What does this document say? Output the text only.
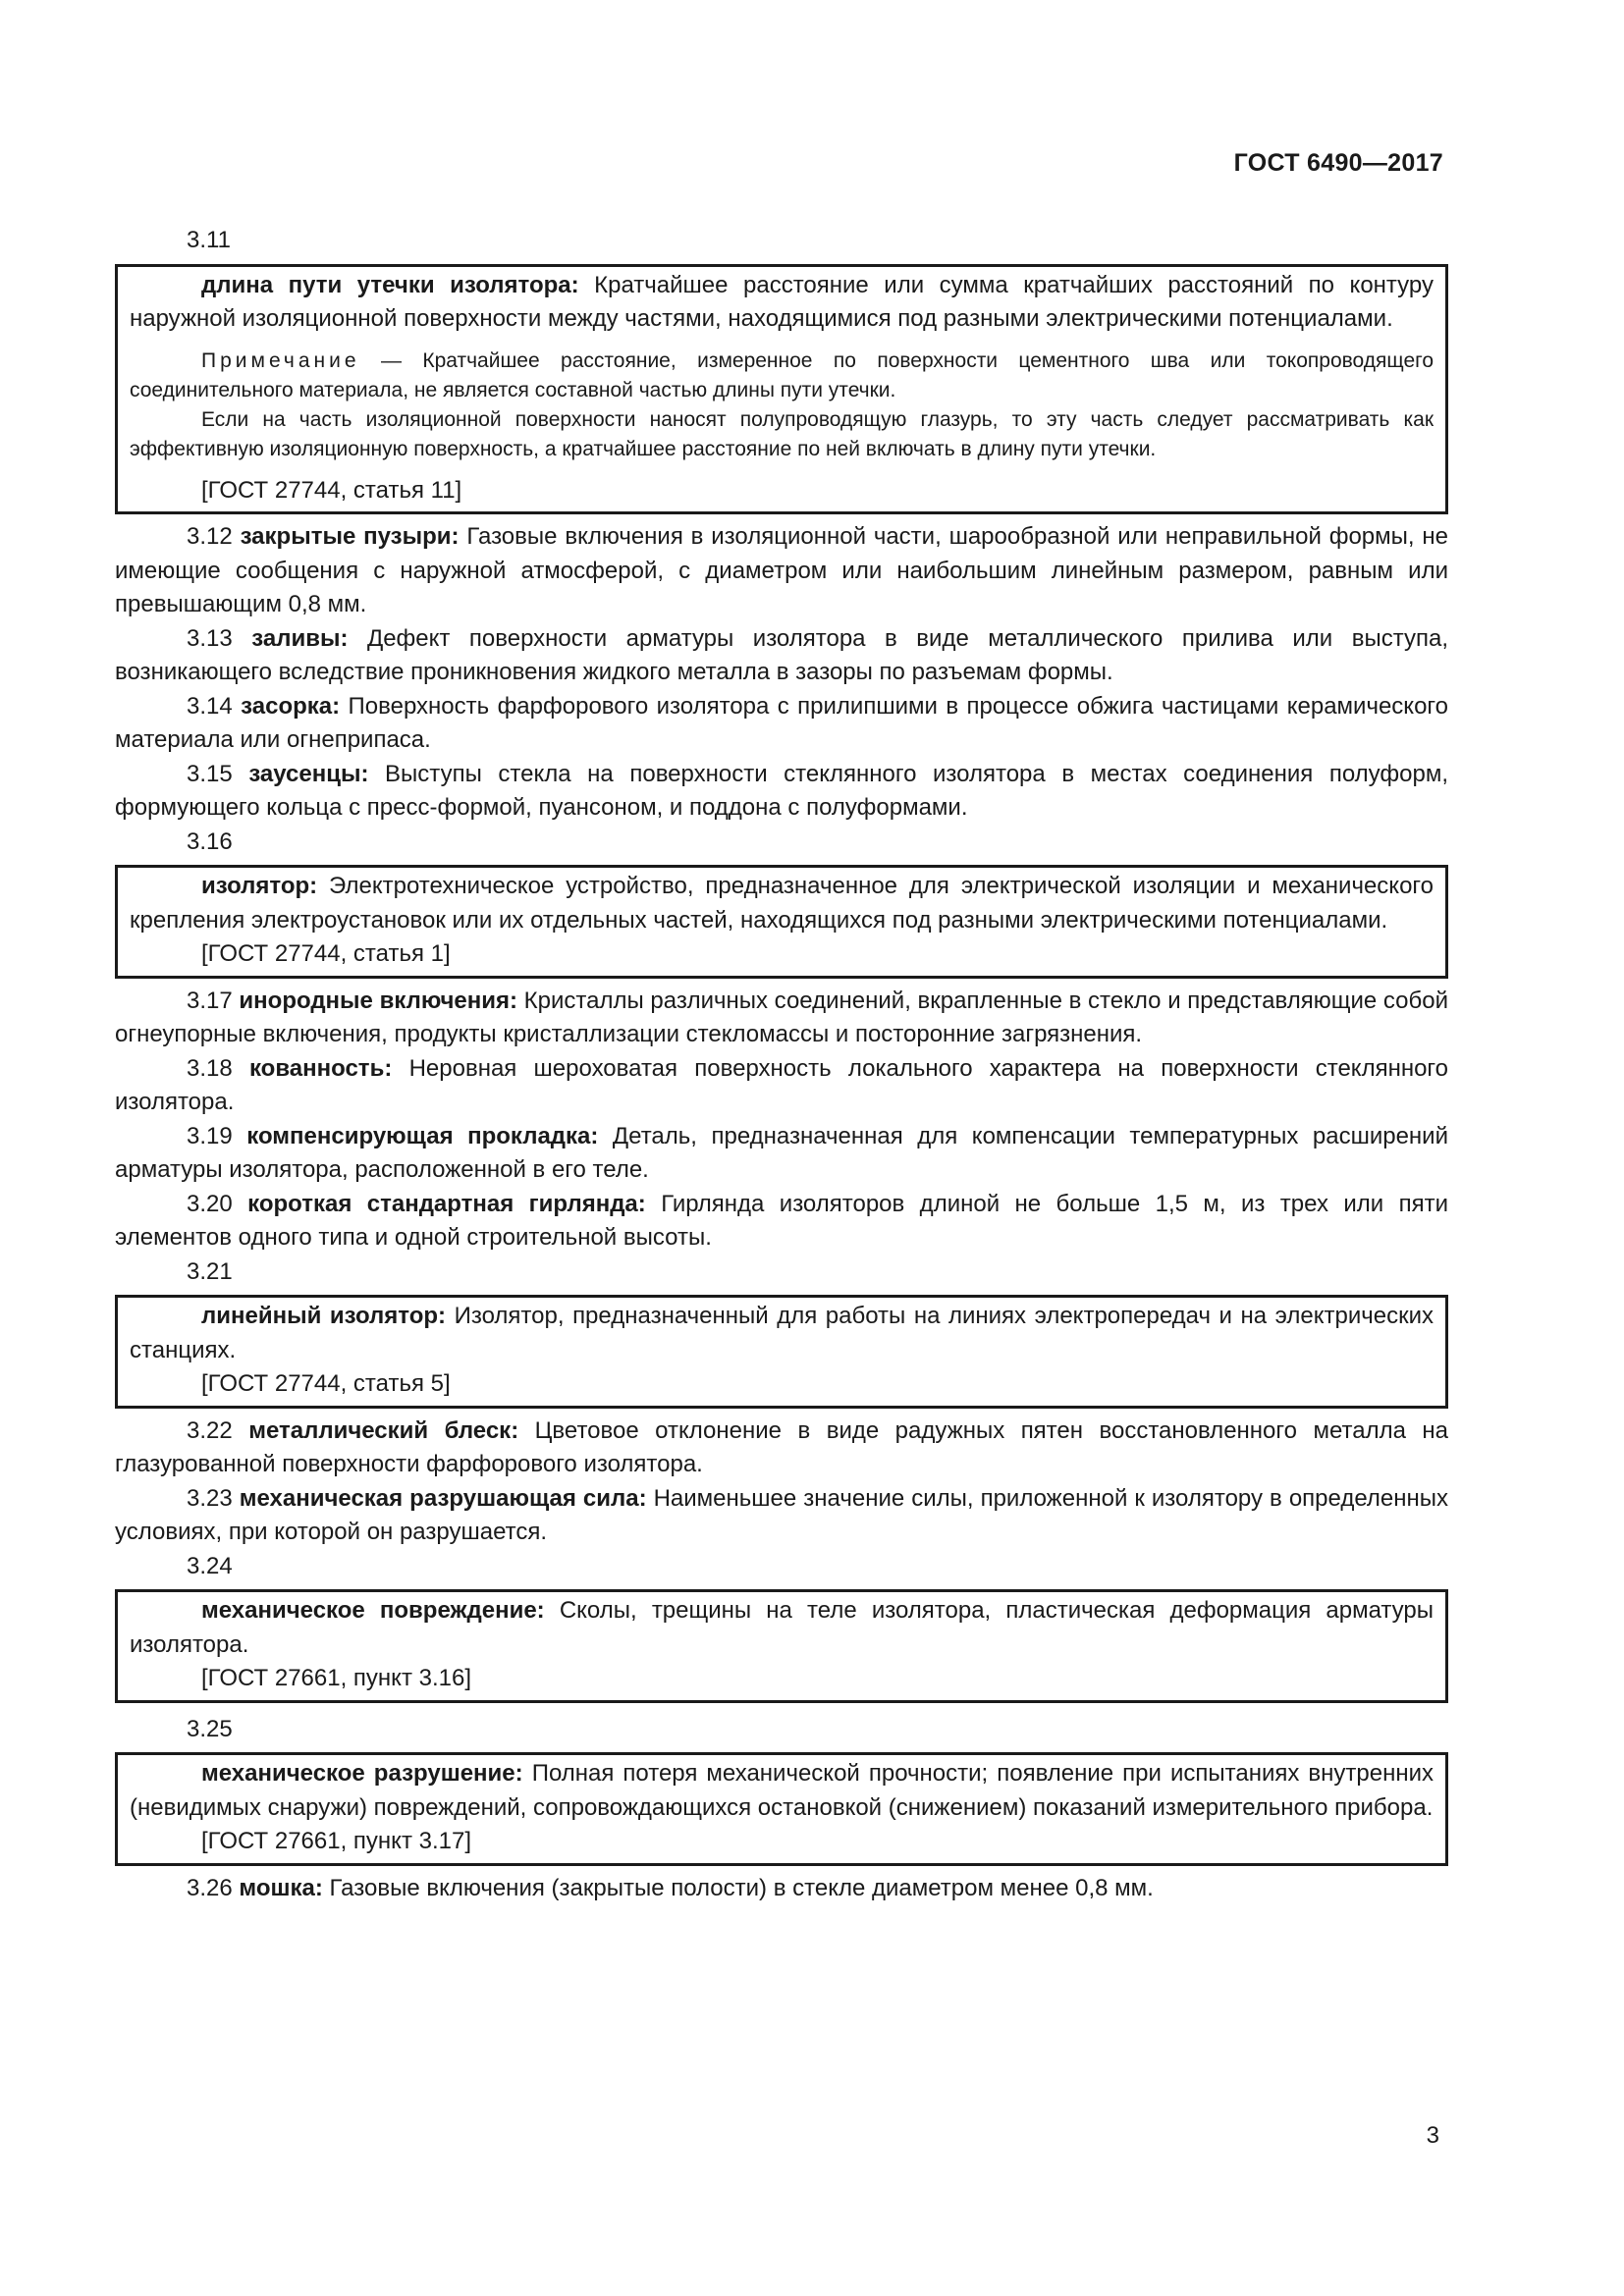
ГОСТ 6490—2017
3.11

длина пути утечки изолятора: Кратчайшее расстояние или сумма кратчайших расстояний по контуру наружной изоляционной поверхности между частями, находящимися под разными электрическими потенциалами.

Примечание — Кратчайшее расстояние, измеренное по поверхности цементного шва или токопроводящего соединительного материала, не является составной частью длины пути утечки.

Если на часть изоляционной поверхности наносят полупроводящую глазурь, то эту часть следует рассматривать как эффективную изоляционную поверхность, а кратчайшее расстояние по ней включать в длину пути утечки.

[ГОСТ 27744, статья 11]

3.12 закрытые пузыри: Газовые включения в изоляционной части, шарообразной или неправильной формы, не имеющие сообщения с наружной атмосферой, с диаметром или наибольшим линейным размером, равным или превышающим 0,8 мм.

3.13 заливы: Дефект поверхности арматуры изолятора в виде металлического прилива или выступа, возникающего вследствие проникновения жидкого металла в зазоры по разъемам формы.

3.14 засорка: Поверхность фарфорового изолятора с прилипшими в процессе обжига частицами керамического материала или огнеприпаса.

3.15 заусенцы: Выступы стекла на поверхности стеклянного изолятора в местах соединения полуформ, формующего кольца с пресс-формой, пуансоном, и поддона с полуформами.

3.16

изолятор: Электротехническое устройство, предназначенное для электрической изоляции и механического крепления электроустановок или их отдельных частей, находящихся под разными электрическими потенциалами.

[ГОСТ 27744, статья 1]

3.17 инородные включения: Кристаллы различных соединений, вкрапленные в стекло и представляющие собой огнеупорные включения, продукты кристаллизации стекломассы и посторонние загрязнения.

3.18 кованность: Неровная шероховатая поверхность локального характера на поверхности стеклянного изолятора.

3.19 компенсирующая прокладка: Деталь, предназначенная для компенсации температурных расширений арматуры изолятора, расположенной в его теле.

3.20 короткая стандартная гирлянда: Гирлянда изоляторов длиной не больше 1,5 м, из трех или пяти элементов одного типа и одной строительной высоты.

3.21

линейный изолятор: Изолятор, предназначенный для работы на линиях электропередач и на электрических станциях.

[ГОСТ 27744, статья 5]

3.22 металлический блеск: Цветовое отклонение в виде радужных пятен восстановленного металла на глазурованной поверхности фарфорового изолятора.

3.23 механическая разрушающая сила: Наименьшее значение силы, приложенной к изолятору в определенных условиях, при которой он разрушается.

3.24

механическое повреждение: Сколы, трещины на теле изолятора, пластическая деформация арматуры изолятора.

[ГОСТ 27661, пункт 3.16]

3.25

механическое разрушение: Полная потеря механической прочности; появление при испытаниях внутренних (невидимых снаружи) повреждений, сопровождающихся остановкой (снижением) показаний измерительного прибора.

[ГОСТ 27661, пункт 3.17]

3.26 мошка: Газовые включения (закрытые полости) в стекле диаметром менее 0,8 мм.

3
